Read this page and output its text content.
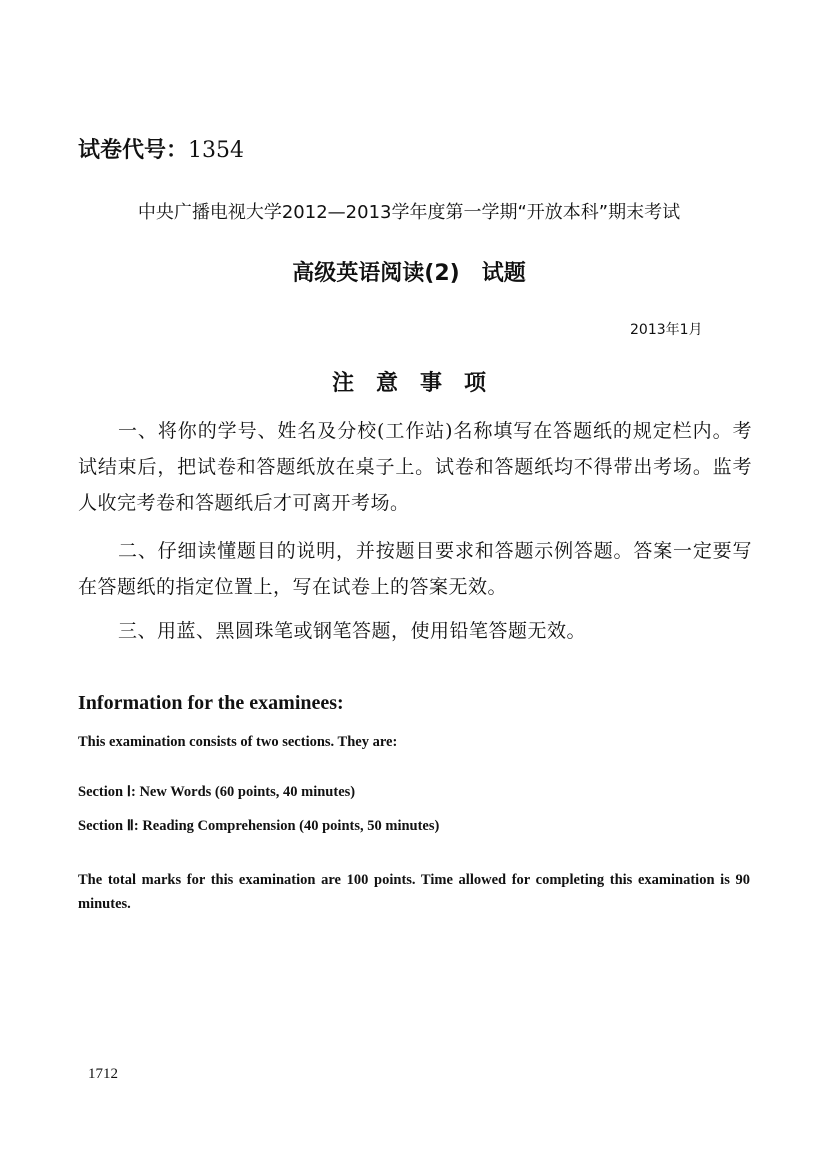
试卷代号：1354
中央广播电视大学2012—2013学年度第一学期“开放本科”期末考试
高级英语阅读(2)　试题
2013年1月
注意事项
一、将你的学号、姓名及分校(工作站)名称填写在答题纸的规定栏内。考试结束后，把试卷和答题纸放在桌子上。试卷和答题纸均不得带出考场。监考人收完考卷和答题纸后才可离开考场。
二、仔细读懂题目的说明，并按题目要求和答题示例答题。答案一定要写在答题纸的指定位置上，写在试卷上的答案无效。
三、用蓝、黑圆珠笔或钢笔答题，使用铅笔答题无效。
Information for the examinees:
This examination consists of two sections. They are:
Section Ⅰ: New Words (60 points, 40 minutes)
Section Ⅱ: Reading Comprehension (40 points, 50 minutes)
The total marks for this examination are 100 points. Time allowed for completing this examination is 90 minutes.
1712
